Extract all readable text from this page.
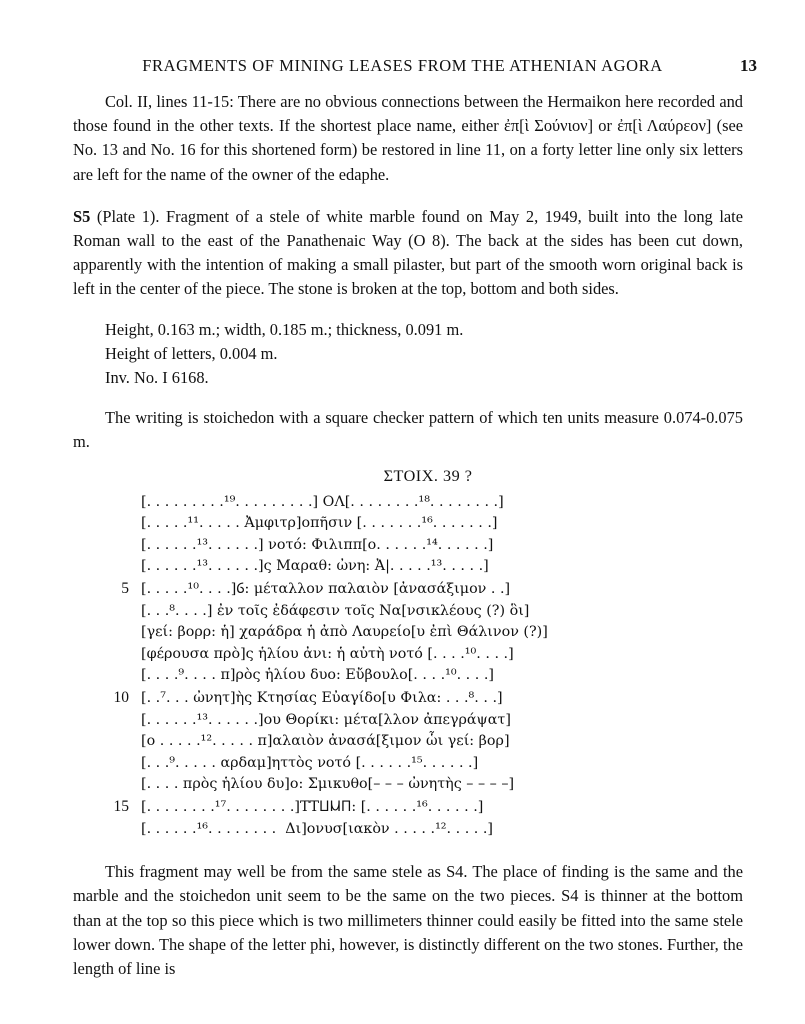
FRAGMENTS OF MINING LEASES FROM THE ATHENIAN AGORA	13

Col. II, lines 11-15: There are no obvious connections between the Hermaikon here recorded and those found in the other texts. If the shortest place name, either ἐπ[ὶ Σούνιον] or ἐπ[ὶ Λαύρεον] (see No. 13 and No. 16 for this shortened form) be restored in line 11, on a forty letter line only six letters are left for the name of the owner of the edaphe.

S5 (Plate 1). Fragment of a stele of white marble found on May 2, 1949, built into the long late Roman wall to the east of the Panathenaic Way (O 8). The back at the sides has been cut down, apparently with the intention of making a small pilaster, but part of the smooth worn original back is left in the center of the piece. The stone is broken at the top, bottom and both sides.

Height, 0.163 m.; width, 0.185 m.; thickness, 0.091 m.
Height of letters, 0.004 m.
Inv. No. I 6168.

The writing is stoichedon with a square checker pattern of which ten units measure 0.074-0.075 m.

ΣΤΟΙΧ. 39 ?

[. . . . . . . . .¹⁹. . . . . . . . .] ΟΛ[. . . . . . . .¹⁸. . . . . . . .]
[. . . . .¹¹. . . . . Ἀμφιτρ]οπῆσιν [. . . . . . .¹⁶. . . . . . .]
[. . . . . .¹³. . . . . .] νοτό: Φιλιππ[ο. . . . . .¹⁴. . . . . .]
[. . . . . .¹³. . . . . .]ς Μαραθ: ὠνη: Ἀ|. . . . .¹³. . . . .]
5 [. . . . .¹⁰. . . .]Ⳓ: μέταλλον παλαιὸν [ἀνασάξιμον . .]
[. . .⁸. . . .] ἐν τοῖς ἐδάφεσιν τοῖς Να[νσικλέους (?) ὃι]
[γεί: βορρ: ἡ] χαράδρα ἡ ἀπὸ Λαυρείο[υ ἐπὶ Θάλινον (?)]
[φέρουσα πρὸ]ς ἡλίου ἀνι: ἡ αὐτὴ νοτό [. . . .¹⁰. . . .]
[. . . .⁹. . . . π]ρὸς ἡλίου δυο: Εὔβουλο[. . . .¹⁰. . . .]
10 [. .⁷. . . ὠνητ]ὴς Κτησίας Εὐαγίδο[υ Φιλα: . . .⁸. . .]
[. . . . . .¹³. . . . . .]ου Θορίκι: μέτα[λλον ἀπεγράψατ]
[ο . . . . .¹². . . . . π]αλαιὸν ἀνασά[ξιμον ὧι γεί: βορ]
[. . .⁹. . . . . αρδαμ]ηττὸς νοτό [. . . . . .¹⁵. . . . . .]
[. . . . πρὸς ἡλίου δυ]ο: Σμικυθο[– – – ὠνητὴς – – – –]
15 [. . . . . . . .¹⁷. . . . . . . .]ΤΤⳘⲘⲠ: [. . . . . .¹⁶. . . . . .]
[. . . . . .¹⁶. . . . . . . .  Δι]ονυσ[ιακὸν . . . . .¹². . . . .]

This fragment may well be from the same stele as S4. The place of finding is the same and the marble and the stoichedon unit seem to be the same on the two pieces. S4 is thinner at the bottom than at the top so this piece which is two millimeters thinner could easily be fitted into the same stele lower down. The shape of the letter phi, however, is distinctly different on the two stones. Further, the length of line is
